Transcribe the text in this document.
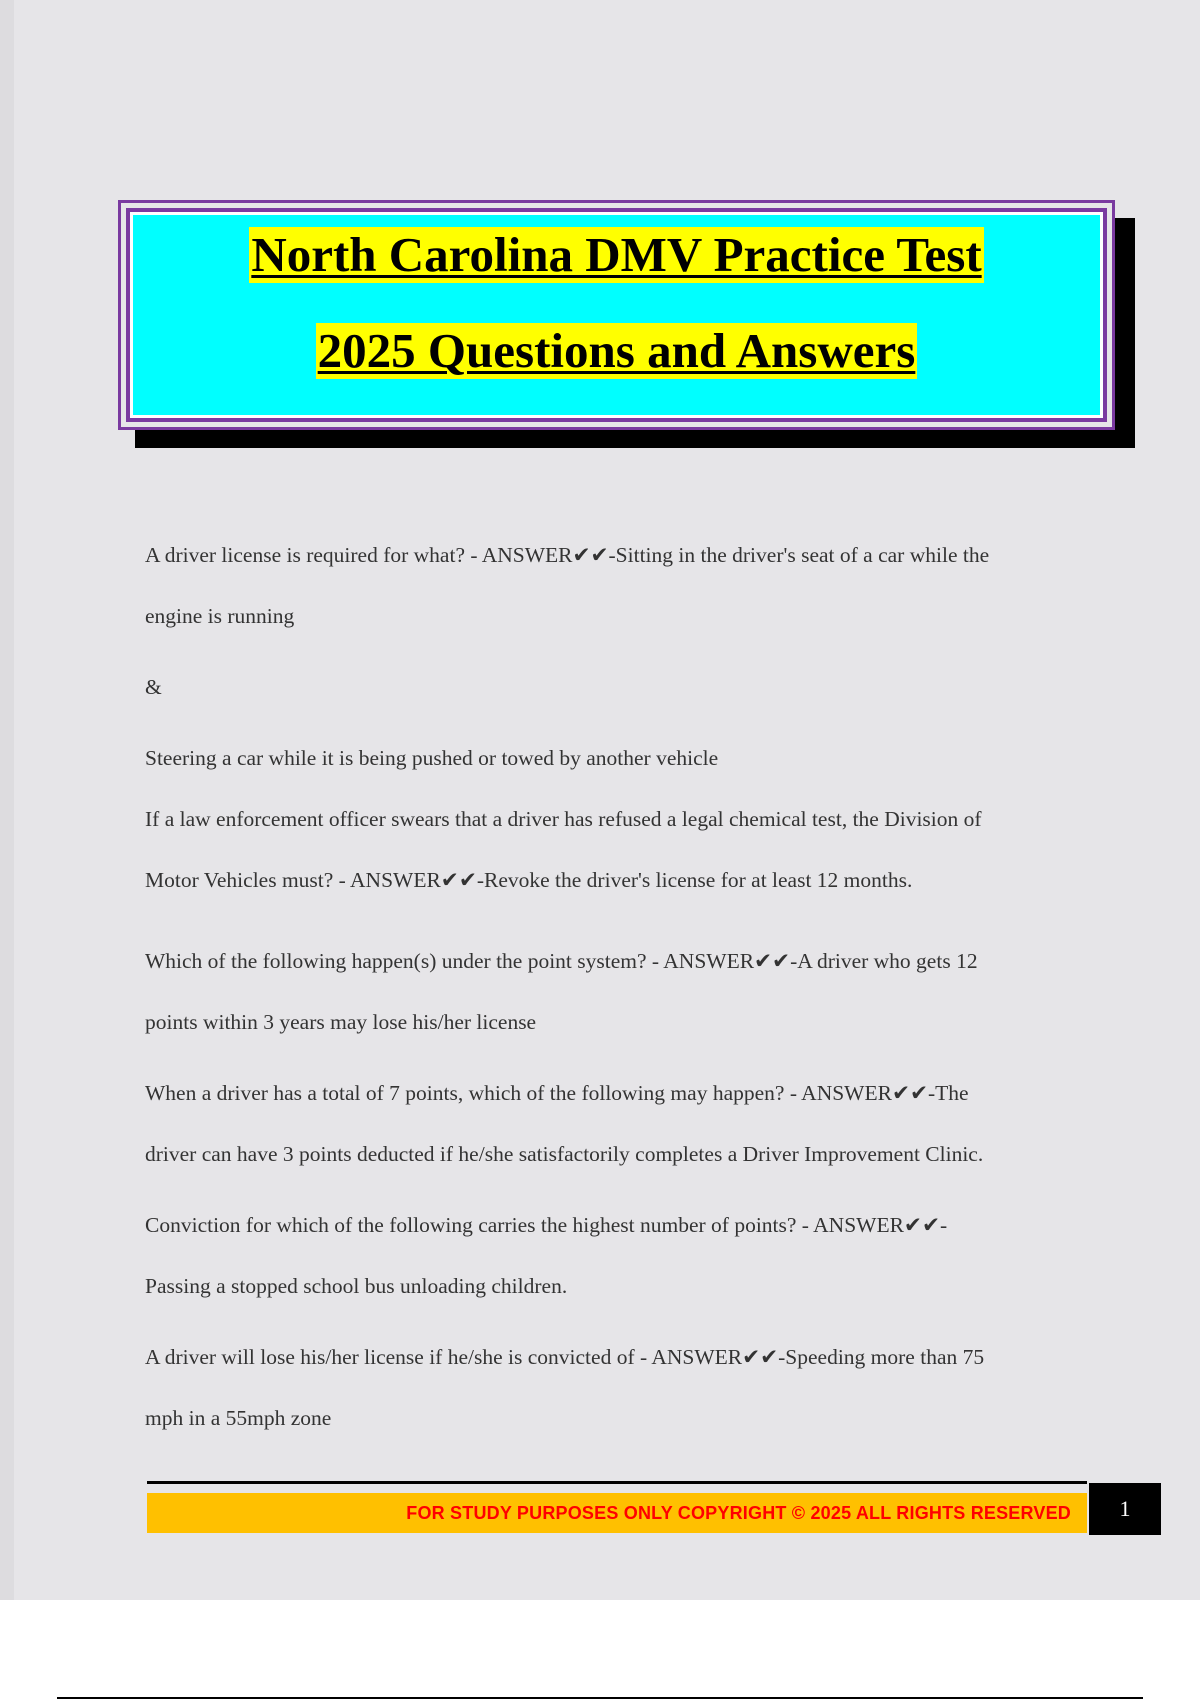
North Carolina DMV Practice Test
2025 Questions and Answers

A driver license is required for what? - ANSWER✔✔-Sitting in the driver's seat of a car while the

engine is running

&

Steering a car while it is being pushed or towed by another vehicle

If a law enforcement officer swears that a driver has refused a legal chemical test, the Division of

Motor Vehicles must? - ANSWER✔✔-Revoke the driver's license for at least 12 months.

Which of the following happen(s) under the point system? - ANSWER✔✔-A driver who gets 12

points within 3 years may lose his/her license

When a driver has a total of 7 points, which of the following may happen? - ANSWER✔✔-The

driver can have 3 points deducted if he/she satisfactorily completes a Driver Improvement Clinic.

Conviction for which of the following carries the highest number of points? - ANSWER✔✔-

Passing a stopped school bus unloading children.

A driver will lose his/her license if he/she is convicted of - ANSWER✔✔-Speeding more than 75

mph in a 55mph zone

FOR STUDY PURPOSES ONLY COPYRIGHT © 2025 ALL RIGHTS RESERVED	1
